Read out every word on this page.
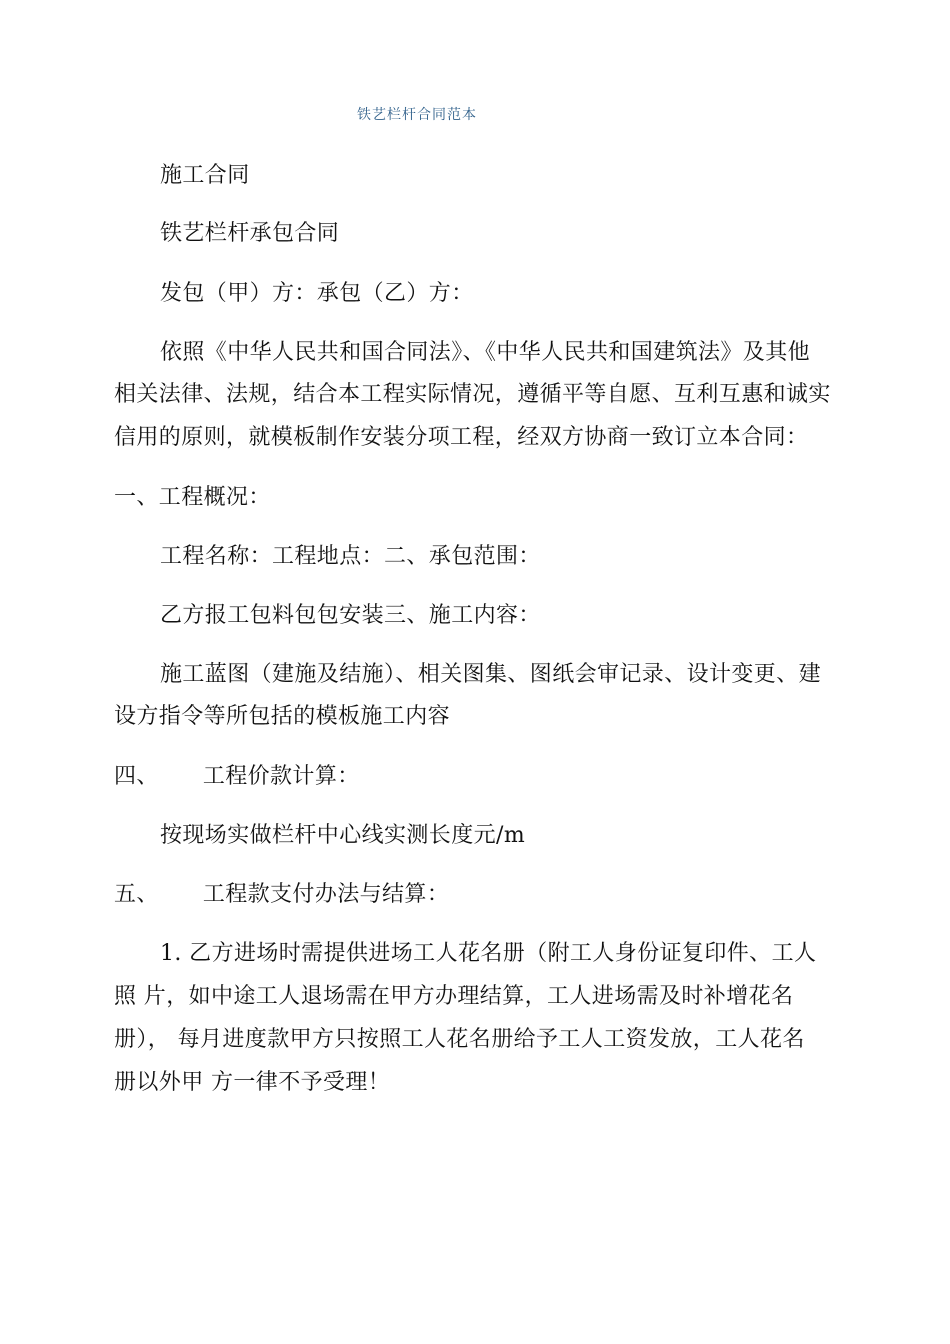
铁艺栏杆合同范本
施工合同
铁艺栏杆承包合同
发包（甲）方：承包（乙）方：
依照《中华人民共和国合同法》、《中华人民共和国建筑法》及其他
相关法律、法规，结合本工程实际情况，遵循平等自愿、互利互惠和诚实
信用的原则，就模板制作安装分项工程，经双方协商一致订立本合同：
一、工程概况：
工程名称：工程地点：二、承包范围：
乙方报工包料包包安装三、施工内容：
施工蓝图（建施及结施）、相关图集、图纸会审记录、设计变更、建
设方指令等所包括的模板施工内容
四、 工程价款计算：
按现场实做栏杆中心线实测长度元/m
五、 工程款支付办法与结算：
1. 乙方进场时需提供进场工人花名册（附工人身份证复印件、工人
照 片，如中途工人退场需在甲方办理结算，工人进场需及时补增花名
册）， 每月进度款甲方只按照工人花名册给予工人工资发放，工人花名
册以外甲 方一律不予受理！
